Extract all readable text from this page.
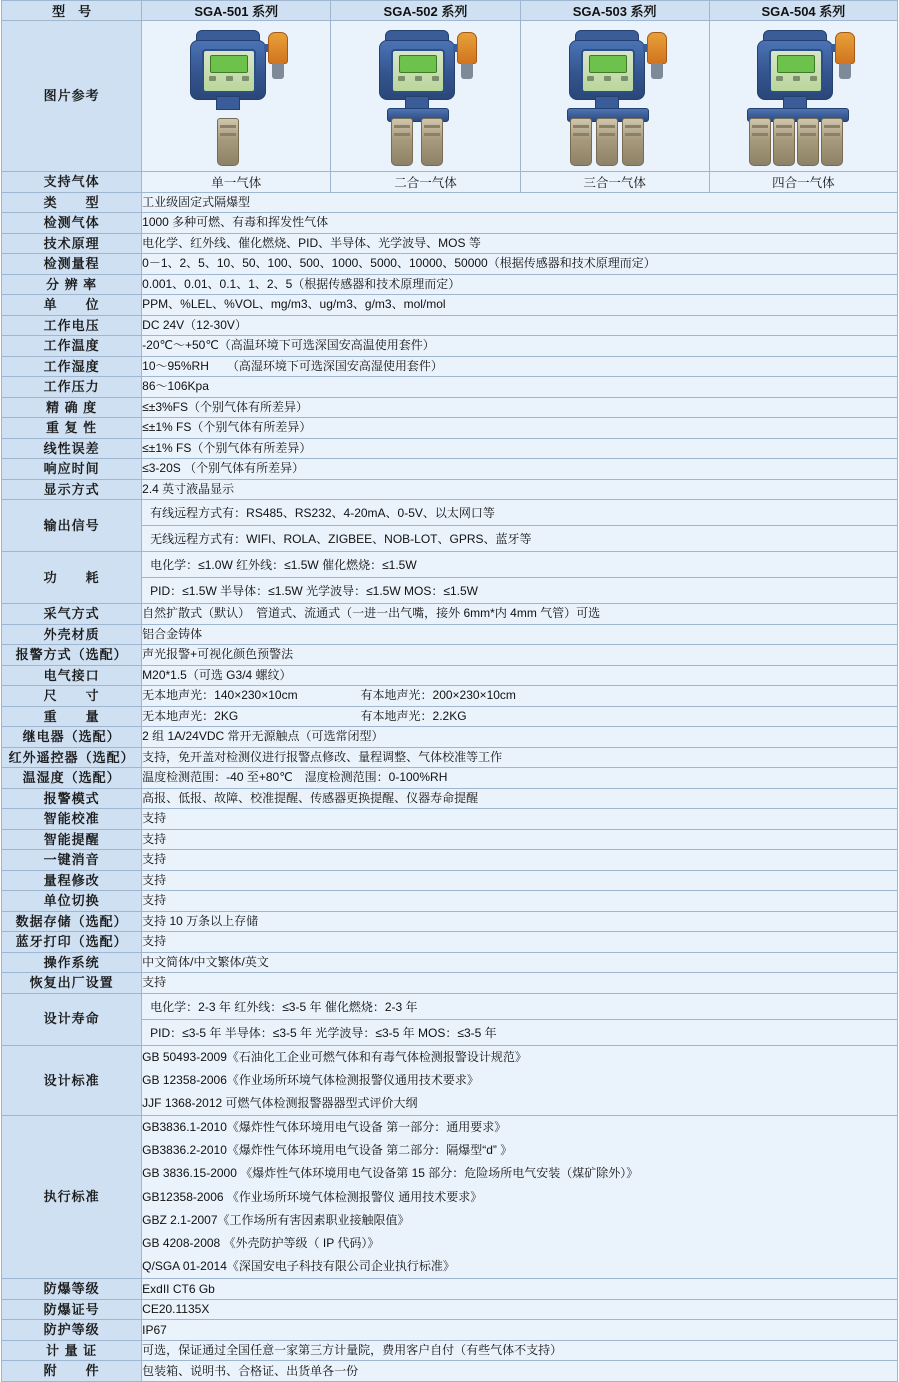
型　号	SGA-501 系列	SGA-502 系列	SGA-503 系列	SGA-504 系列
图片参考	

支持气体	单一气体	二合一气体	三合一气体	四合一气体
类　　型	工业级固定式隔爆型
检测气体	1000 多种可燃、有毒和挥发性气体
技术原理	电化学、红外线、催化燃烧、PID、半导体、光学波导、MOS 等
检测量程	0－1、2、5、10、50、100、500、1000、5000、10000、50000（根据传感器和技术原理而定）
分 辨 率	0.001、0.01、0.1、1、2、5（根据传感器和技术原理而定）
单　　位	PPM、%LEL、%VOL、mg/m3、ug/m3、g/m3、mol/mol
工作电压	DC 24V（12-30V）
工作温度	-20℃～+50℃（高温环境下可选深国安高温使用套件）
工作湿度	10～95%RH　　（高湿环境下可选深国安高湿使用套件）
工作压力	86～106Kpa
精 确 度	≤±3%FS（个别气体有所差异）
重 复 性	≤±1% FS（个别气体有所差异）
线性误差	≤±1% FS（个别气体有所差异）
响应时间	≤3-20S （个别气体有所差异）
显示方式	2.4 英寸液晶显示
输出信号	
有线远程方式有：RS485、RS232、4-20mA、0-5V、以太网口等
无线远程方式有：WIFI、ROLA、ZIGBEE、NOB-LOT、GPRS、蓝牙等

功　　耗	
电化学：≤1.0W 红外线：≤1.5W 催化燃烧：≤1.5W
PID：≤1.5W 半导体：≤1.5W 光学波导：≤1.5W MOS：≤1.5W

采气方式	自然扩散式（默认）　管道式、流通式（一进一出气嘴，接外 6mm*内 4mm 气管）可选
外壳材质	铝合金铸体
报警方式（选配）	声光报警+可视化颜色预警法
电气接口	M20*1.5（可选 G3/4 螺纹）
尺　　寸	无本地声光：140×230×10cm	有本地声光：200×230×10cm
重　　量	无本地声光：2KG	有本地声光：2.2KG
继电器（选配）	2 组 1A/24VDC 常开无源触点（可选常闭型）
红外遥控器（选配）	支持，免开盖对检测仪进行报警点修改、量程调整、气体校准等工作
温湿度（选配）	温度检测范围：-40 至+80℃　湿度检测范围：0-100%RH
报警模式	高报、低报、故障、校准提醒、传感器更换提醒、仪器寿命提醒
智能校准	支持
智能提醒	支持
一键消音	支持
量程修改	支持
单位切换	支持
数据存储（选配）	支持 10 万条以上存储
蓝牙打印（选配）	支持
操作系统	中文简体/中文繁体/英文
恢复出厂设置	支持
设计寿命	
电化学：2-3 年 红外线：≤3-5 年 催化燃烧：2-3 年
PID：≤3-5 年 半导体：≤3-5 年 光学波导：≤3-5 年 MOS：≤3-5 年

设计标准	
GB 50493-2009《石油化工企业可燃气体和有毒气体检测报警设计规范》
GB 12358-2006《作业场所环境气体检测报警仪通用技术要求》
JJF 1368-2012 可燃气体检测报警器器型式评价大纲

执行标准	
GB3836.1-2010《爆炸性气体环境用电气设备 第一部分：通用要求》
GB3836.2-2010《爆炸性气体环境用电气设备 第二部分：隔爆型“d” 》
GB 3836.15-2000 《爆炸性气体环境用电气设备第 15 部分：危险场所电气安装（煤矿除外）》
GB12358-2006 《作业场所环境气体检测报警仪 通用技术要求》
GBZ 2.1-2007《工作场所有害因素职业接触限值》
GB 4208-2008 《外壳防护等级（ IP 代码）》
Q/SGA 01-2014《深国安电子科技有限公司企业执行标准》

防爆等级	ExdII CT6 Gb
防爆证号	CE20.1135X
防护等级	IP67
计 量 证	可选，保证通过全国任意一家第三方计量院，费用客户自付（有些气体不支持）
附　　件	包装箱、说明书、合格证、出货单各一份
